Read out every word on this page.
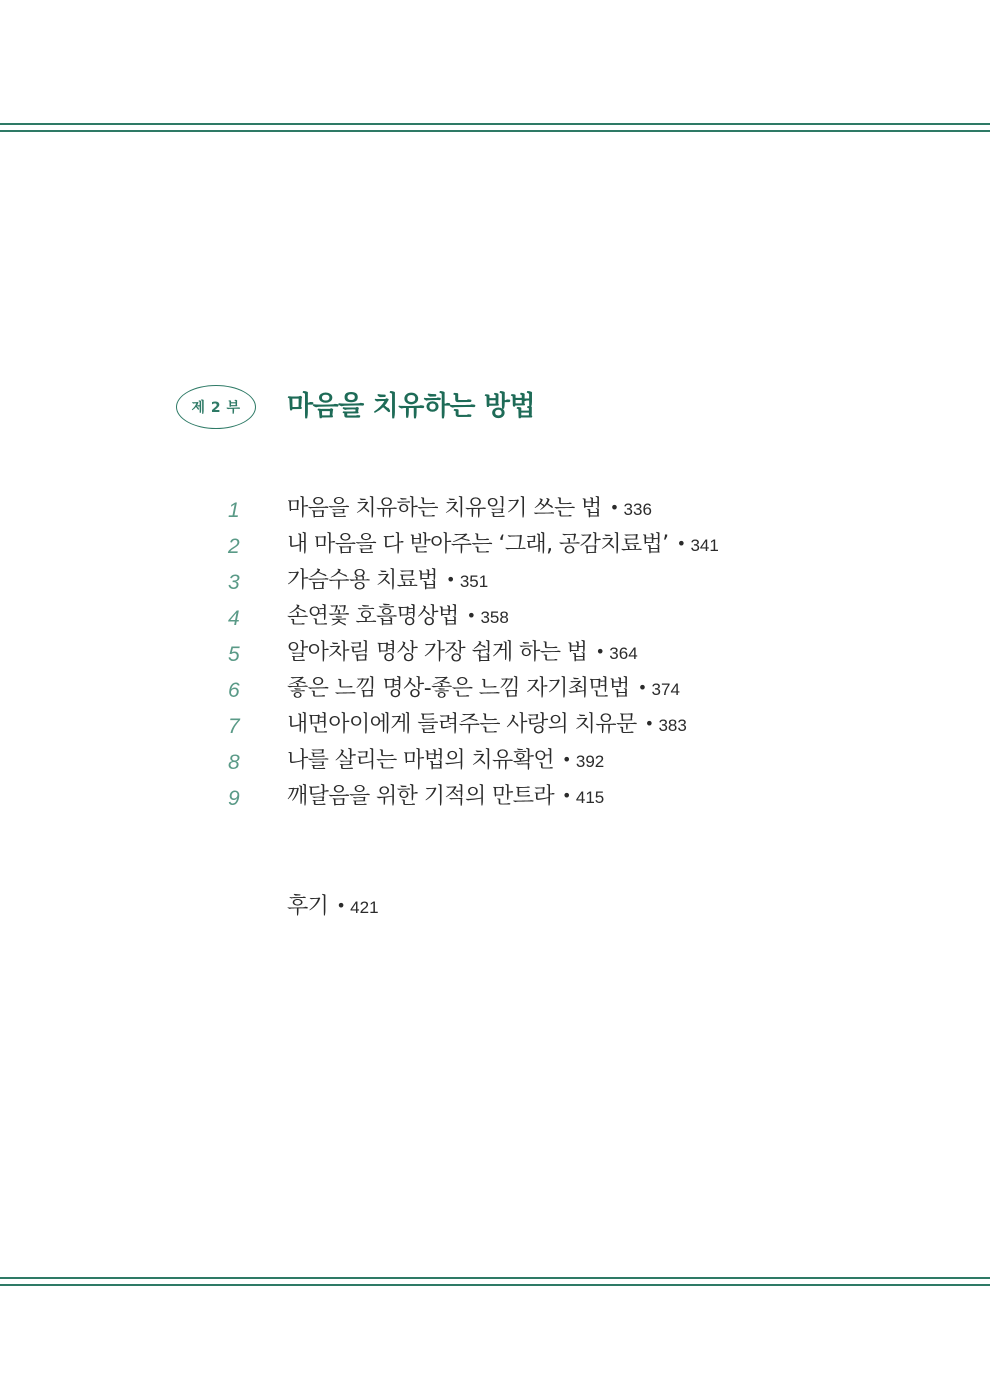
제 2 부	마음을 치유하는 방법
1	마음을 치유하는 치유일기 쓰는 법 • 336
2	내 마음을 다 받아주는 ‘그래, 공감치료법’ • 341
3	가슴수용 치료법 • 351
4	손연꽃 호흡명상법 • 358
5	알아차림 명상 가장 쉽게 하는 법 • 364
6	좋은 느낌 명상-좋은 느낌 자기최면법 • 374
7	내면아이에게 들려주는 사랑의 치유문 • 383
8	나를 살리는 마법의 치유확언 • 392
9	깨달음을 위한 기적의 만트라 • 415
후기 • 421
